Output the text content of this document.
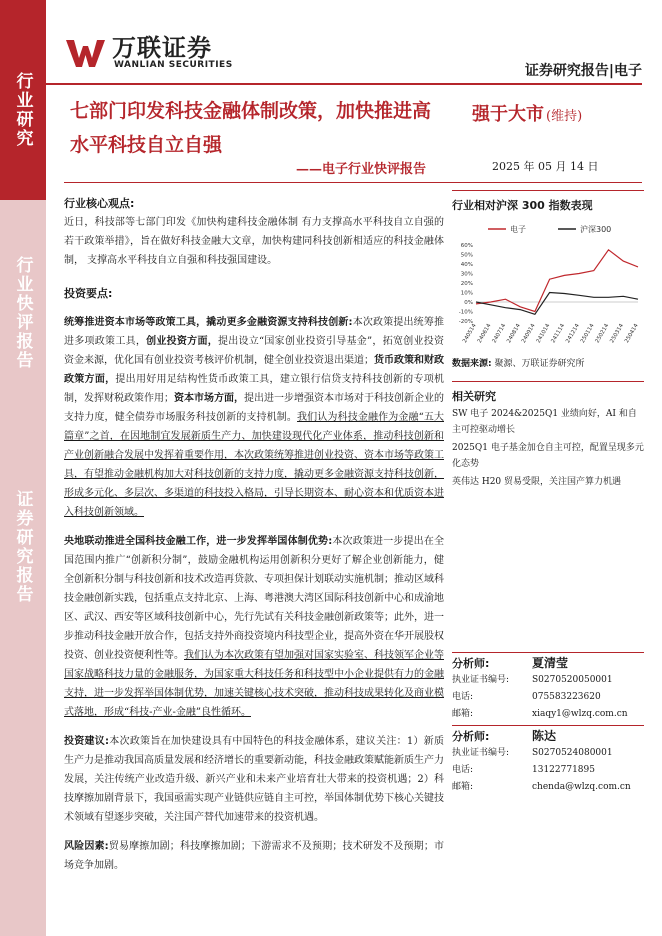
行业研究
行业快评报告
证券研究报告
万联证券
WANLIAN SECURITIES	证券研究报告|电子
七部门印发科技金融体制改策，加快推进高水平科技自立自强
——电子行业快评报告
强于大市 (维持)
2025 年 05 月 14 日
行业核心观点:
近日，科技部等七部门印发《加快构建科技金融体制 有力支撑高水平科技自立自强的若干政策举措》，旨在做好科技金融大文章，加快构建同科技创新相适应的科技金融体制， 支撑高水平科技自立自强和科技强国建设。
投资要点:
统筹推进资本市场等政策工具，撬动更多金融资源支持科技创新:本次政策提出统筹推进多项政策工具，创业投资方面，提出设立“国家创业投资引导基金”，拓宽创业投资资金来源，优化国有创业投资考核评价机制，健全创业投资退出渠道；货币政策和财政政策方面，提出用好用足结构性货币政策工具，建立银行信贷支持科技创新的专项机制，发挥财税政策作用；资本市场方面，提出进一步增强资本市场对于科技创新企业的支持力度，健全债券市场服务科技创新的支持机制。我们认为科技金融作为金融“五大篇章”之首，在因地制宜发展新质生产力、加快建设现代化产业体系，推动科技创新和产业创新融合发展中发挥着重要作用，本次政策统筹推进创业投资、资本市场等政策工具，有望推动金融机构加大对科技创新的支持力度，撬动更多金融资源支持科技创新，形成多元化、多层次、多渠道的科技投入格局，引导长期资本、耐心资本和优质资本进入科技创新领域。
央地联动推进全国科技金融工作，进一步发挥举国体制优势:本次政策进一步提出在全国范围内推广“创新积分制”，鼓励金融机构运用创新积分更好了解企业创新能力，健全创新积分制与科技创新和技术改造再贷款、专项担保计划联动实施机制；推动区域科技金融创新实践，包括重点支持北京、上海、粤港澳大湾区国际科技创新中心和成渝地区、武汉、西安等区域科技创新中心，先行先试有关科技金融创新政策等；此外，进一步推动科技金融开放合作，包括支持外商投资境内科技型企业，提高外资在华开展股权投资、创业投资便利性等。我们认为本次政策有望加强对国家实验室、科技领军企业等国家战略科技力量的金融服务，为国家重大科技任务和科技型中小企业提供有力的金融支持，进一步发挥举国体制优势，加速关键核心技术突破，推动科技成果转化及商业模式落地，形成“科技-产业-金融”良性循环。
投资建议:本次政策旨在加快建设具有中国特色的科技金融体系，建议关注：1）新质生产力是推动我国高质量发展和经济增长的重要新动能，科技金融政策赋能新质生产力发展，关注传统产业改造升级、新兴产业和未来产业培育壮大带来的投资机遇；2）科技摩擦加剧背景下，我国亟需实现产业链供应链自主可控，举国体制优势下核心关键技术领域有望逐步突破，关注国产替代加速带来的投资机遇。
风险因素:贸易摩擦加剧；科技摩擦加剧；下游需求不及预期；技术研发不及预期；市场竞争加剧。
行业相对沪深 300 指数表现
电子	沪深300
60%
50%
40%
30%
20%
10%
0%
-10%
-20%
240514 240614 240714 240814 240914 241014 241114 241214 250114 250214 250314 250414
数据来源: 聚源、万联证券研究所
相关研究
SW 电子 2024&2025Q1 业绩向好，AI 和自主可控驱动增长
2025Q1 电子基金加仓自主可控，配置呈现多元化态势
英伟达 H20 贸易受限，关注国产算力机遇
分析师:	夏清莹
执业证书编号:	S0270520050001
电话:	075583223620
邮箱:	xiaqy1@wlzq.com.cn
分析师:	陈达
执业证书编号:	S0270524080001
电话:	13122771895
邮箱:	chenda@wlzq.com.cn
